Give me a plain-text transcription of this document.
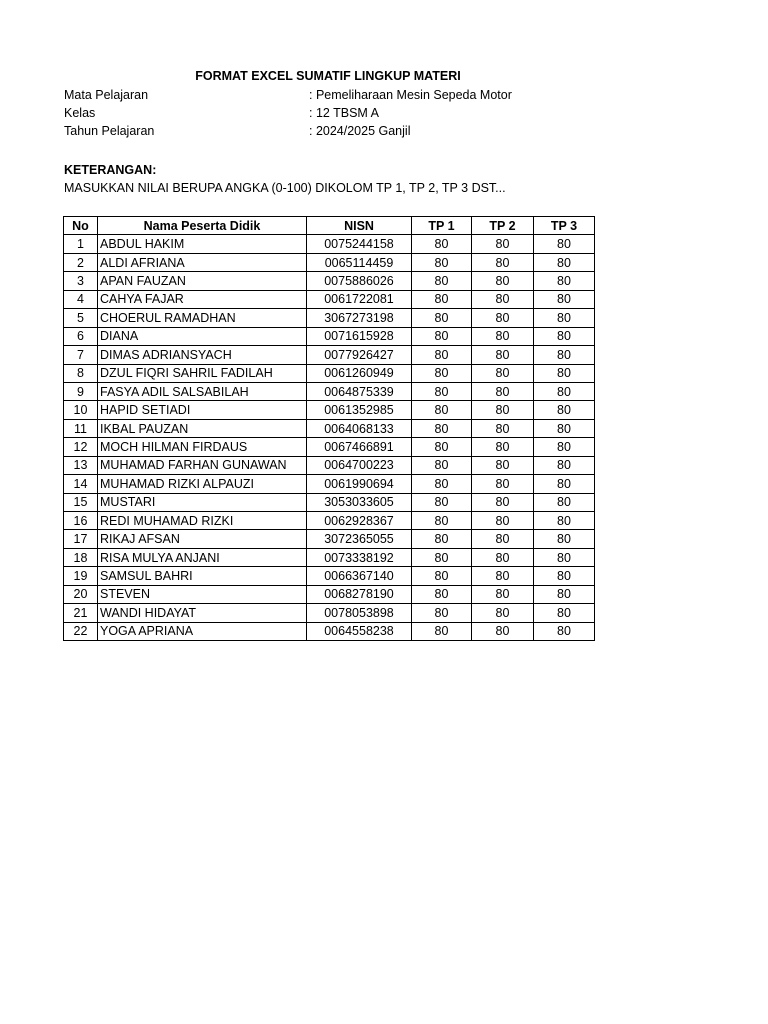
FORMAT EXCEL SUMATIF LINGKUP MATERI
Mata Pelajaran	: Pemeliharaan Mesin Sepeda Motor
Kelas	: 12 TBSM A
Tahun Pelajaran	: 2024/2025 Ganjil
KETERANGAN:
MASUKKAN NILAI BERUPA ANGKA (0-100) DIKOLOM TP 1, TP 2, TP 3 DST...
No	Nama Peserta Didik	NISN	TP 1	TP 2	TP 3
1	ABDUL HAKIM	0075244158	80	80	80
2	ALDI AFRIANA	0065114459	80	80	80
3	APAN FAUZAN	0075886026	80	80	80
4	CAHYA FAJAR	0061722081	80	80	80
5	CHOERUL RAMADHAN	3067273198	80	80	80
6	DIANA	0071615928	80	80	80
7	DIMAS ADRIANSYACH	0077926427	80	80	80
8	DZUL FIQRI SAHRIL FADILAH	0061260949	80	80	80
9	FASYA ADIL SALSABILAH	0064875339	80	80	80
10	HAPID SETIADI	0061352985	80	80	80
11	IKBAL PAUZAN	0064068133	80	80	80
12	MOCH HILMAN FIRDAUS	0067466891	80	80	80
13	MUHAMAD FARHAN GUNAWAN	0064700223	80	80	80
14	MUHAMAD RIZKI ALPAUZI	0061990694	80	80	80
15	MUSTARI	3053033605	80	80	80
16	REDI MUHAMAD RIZKI	0062928367	80	80	80
17	RIKAJ AFSAN	3072365055	80	80	80
18	RISA MULYA ANJANI	0073338192	80	80	80
19	SAMSUL BAHRI	0066367140	80	80	80
20	STEVEN	0068278190	80	80	80
21	WANDI HIDAYAT	0078053898	80	80	80
22	YOGA APRIANA	0064558238	80	80	80
